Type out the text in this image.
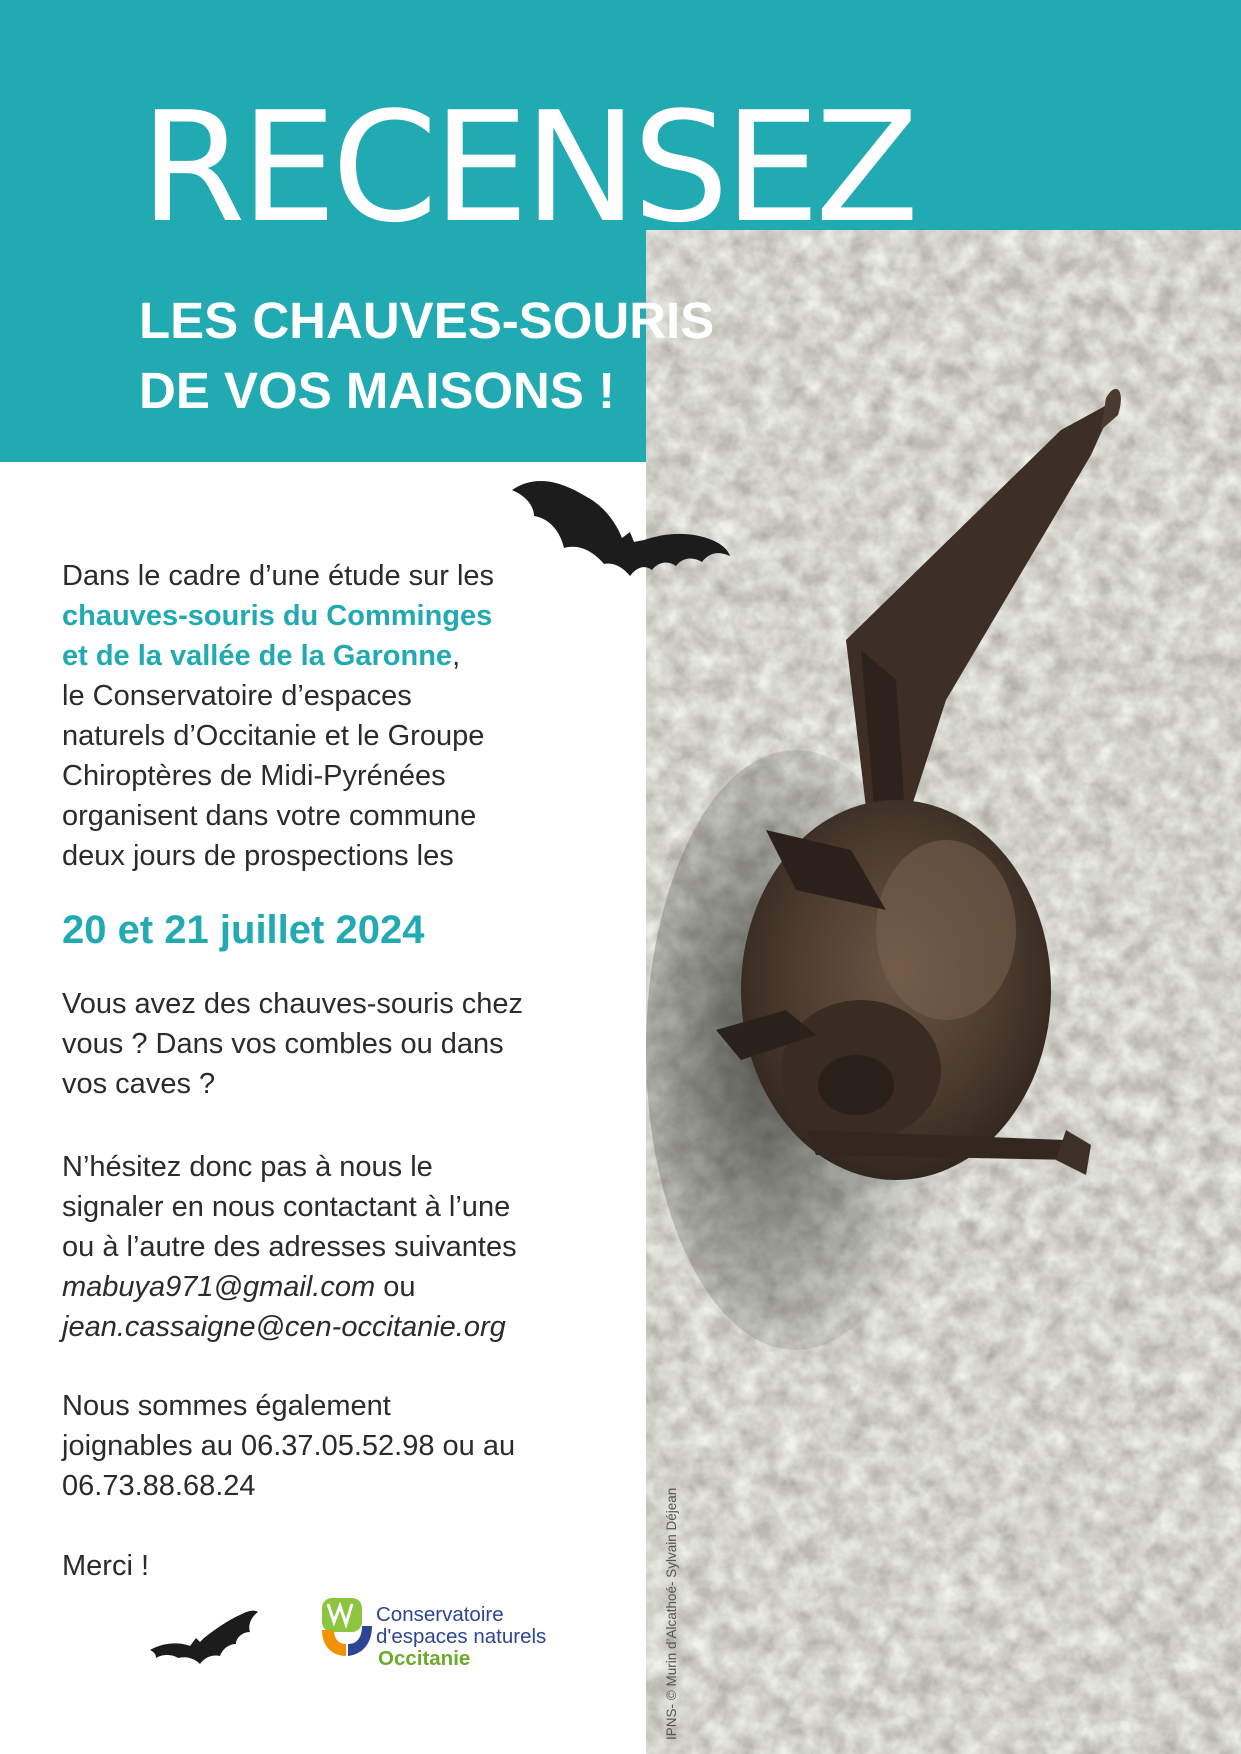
RECENSEZ
LES CHAUVES-SOURIS
DE VOS MAISONS !

Dans le cadre d’une étude sur les
chauves-souris du Comminges
et de la vallée de la Garonne,
le Conservatoire d’espaces
naturels d’Occitanie et le Groupe
Chiroptères de Midi-Pyrénées
organisent dans votre commune
deux jours de prospections les

20 et 21 juillet 2024

Vous avez des chauves-souris chez
vous ? Dans vos combles ou dans
vos caves ?

N’hésitez donc pas à nous le
signaler en nous contactant à l’une
ou à l’autre des adresses suivantes
mabuya971@gmail.com ou
jean.cassaigne@cen-occitanie.org

Nous sommes également
joignables au 06.37.05.52.98 ou au
06.73.88.68.24

Merci !

Conservatoire
d'espaces naturels
Occitanie	IPNS- © Murin d’Alcathoé- Sylvain Déjean
